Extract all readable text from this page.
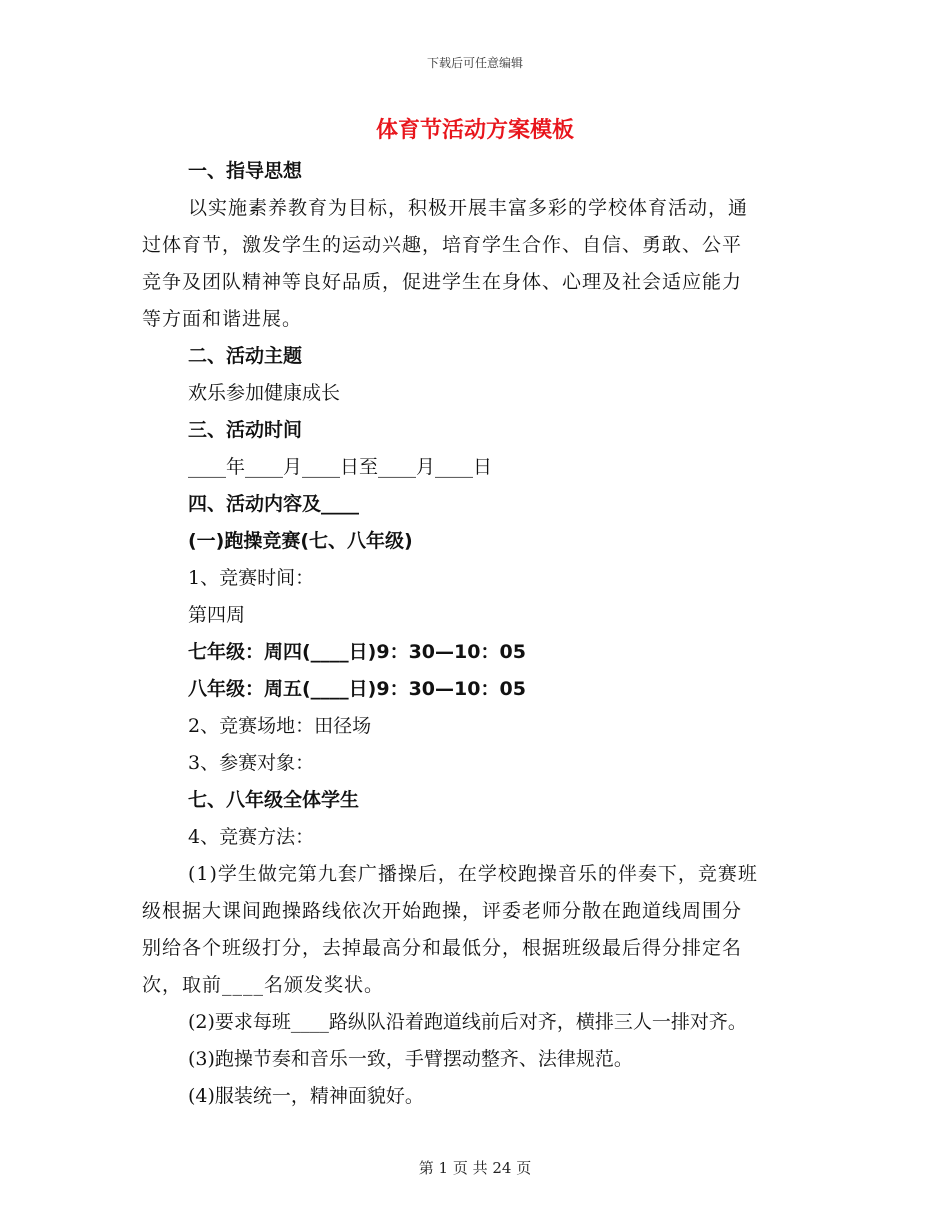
下载后可任意编辑
体育节活动方案模板
一、指导思想
以实施素养教育为目标，积极开展丰富多彩的学校体育活动，通
过体育节，激发学生的运动兴趣，培育学生合作、自信、勇敢、公平
竞争及团队精神等良好品质，促进学生在身体、心理及社会适应能力
等方面和谐进展。
二、活动主题
欢乐参加健康成长
三、活动时间
____年____月____日至____月____日
四、活动内容及____
(一)跑操竞赛(七、八年级)
1、竞赛时间：
第四周
七年级：周四(____日)9：30—10：05
八年级：周五(____日)9：30—10：05
2、竞赛场地：田径场
3、参赛对象：
七、八年级全体学生
4、竞赛方法：
(1)学生做完第九套广播操后，在学校跑操音乐的伴奏下，竞赛班
级根据大课间跑操路线依次开始跑操，评委老师分散在跑道线周围分
别给各个班级打分，去掉最高分和最低分，根据班级最后得分排定名
次，取前____名颁发奖状。
(2)要求每班____路纵队沿着跑道线前后对齐，横排三人一排对齐。
(3)跑操节奏和音乐一致，手臂摆动整齐、法律规范。
(4)服装统一，精神面貌好。
第 1 页 共 24 页
